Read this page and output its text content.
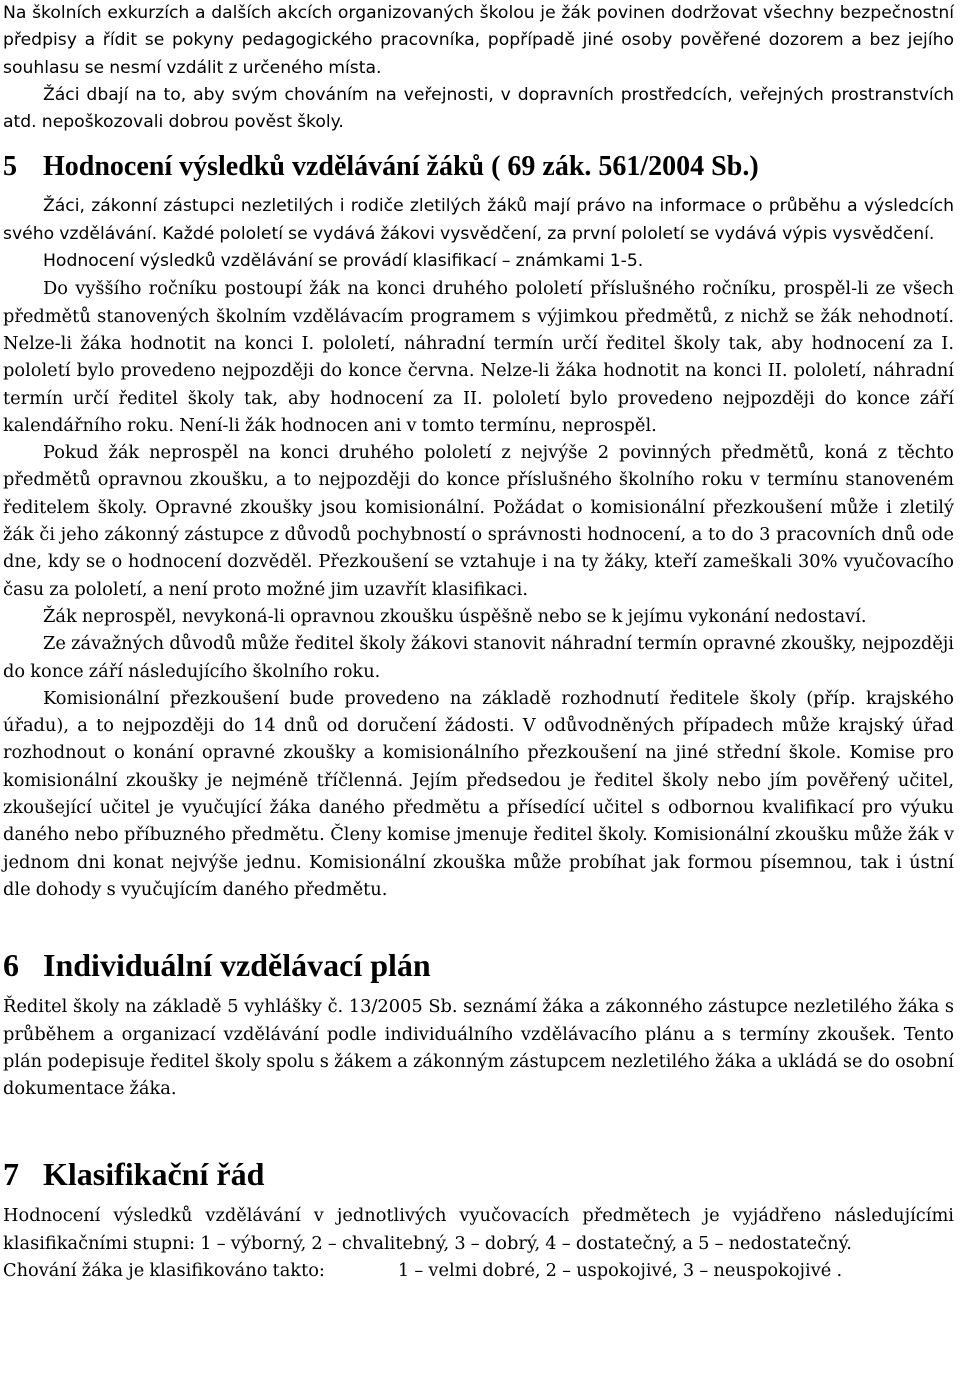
Na školních exkurzích a dalších akcích organizovaných školou je žák povinen dodržovat všechny bezpečnostní předpisy a řídit se pokyny pedagogického pracovníka, popřípadě jiné osoby pověřené dozorem a bez jejího souhlasu se nesmí vzdálit z určeného místa.

Žáci dbají na to, aby svým chováním na veřejnosti, v dopravních prostředcích, veřejných prostranstvích atd. nepoškozovali dobrou pověst školy.

5 Hodnocení výsledků vzdělávání žáků ( 69 zák. 561/2004 Sb.)

Žáci, zákonní zástupci nezletilých i rodiče zletilých žáků mají právo na informace o průběhu a výsledcích svého vzdělávání. Každé pololetí se vydává žákovi vysvědčení, za první pololetí se vydává výpis vysvědčení.

Hodnocení výsledků vzdělávání se provádí klasifikací – známkami 1-5.

Do vyššího ročníku postoupí žák na konci druhého pololetí příslušného ročníku, prospěl-li ze všech předmětů stanovených školním vzdělávacím programem s výjimkou předmětů, z nichž se žák nehodnotí. Nelze-li žáka hodnotit na konci I. pololetí, náhradní termín určí ředitel školy tak, aby hodnocení za I. pololetí bylo provedeno nejpozději do konce června. Nelze-li žáka hodnotit na konci II. pololetí, náhradní termín určí ředitel školy tak, aby hodnocení za II. pololetí bylo provedeno nejpozději do konce září kalendářního roku. Není-li žák hodnocen ani v tomto termínu, neprospěl.

Pokud žák neprospěl na konci druhého pololetí z nejvýše 2 povinných předmětů, koná z těchto předmětů opravnou zkoušku, a to nejpozději do konce příslušného školního roku v termínu stanoveném ředitelem školy. Opravné zkoušky jsou komisionální. Požádat o komisionální přezkoušení může i zletilý žák či jeho zákonný zástupce z důvodů pochybností o správnosti hodnocení, a to do 3 pracovních dnů ode dne, kdy se o hodnocení dozvěděl. Přezkoušení se vztahuje i na ty žáky, kteří zameškali 30% vyučovacího času za pololetí, a není proto možné jim uzavřít klasifikaci.

Žák neprospěl, nevykoná-li opravnou zkoušku úspěšně nebo se k jejímu vykonání nedostaví.

Ze závažných důvodů může ředitel školy žákovi stanovit náhradní termín opravné zkoušky, nejpozději do konce září následujícího školního roku.

Komisionální přezkoušení bude provedeno na základě rozhodnutí ředitele školy (příp. krajského úřadu), a to nejpozději do 14 dnů od doručení žádosti. V odůvodněných případech může krajský úřad rozhodnout o konání opravné zkoušky a komisionálního přezkoušení na jiné střední škole. Komise pro komisionální zkoušky je nejméně tříčlenná. Jejím předsedou je ředitel školy nebo jím pověřený učitel, zkoušející učitel je vyučující žáka daného předmětu a přísedící učitel s odbornou kvalifikací pro výuku daného nebo příbuzného předmětu. Členy komise jmenuje ředitel školy. Komisionální zkoušku může žák v jednom dni konat nejvýše jednu. Komisionální zkouška může probíhat jak formou písemnou, tak i ústní dle dohody s vyučujícím daného předmětu.

6 Individuální vzdělávací plán

Ředitel školy na základě 5 vyhlášky č. 13/2005 Sb. seznámí žáka a zákonného zástupce nezletilého žáka s průběhem a organizací vzdělávání podle individuálního vzdělávacího plánu a s termíny zkoušek. Tento plán podepisuje ředitel školy spolu s žákem a zákonným zástupcem nezletilého žáka a ukládá se do osobní dokumentace žáka.

7 Klasifikační řád

Hodnocení výsledků vzdělávání v jednotlivých vyučovacích předmětech je vyjádřeno následujícími klasifikačními stupni: 1 – výborný, 2 – chvalitebný, 3 – dobrý, 4 – dostatečný, a 5 – nedostatečný.

Chování žáka je klasifikováno takto:	1 – velmi dobré, 2 – uspokojivé, 3 – neuspokojivé .
